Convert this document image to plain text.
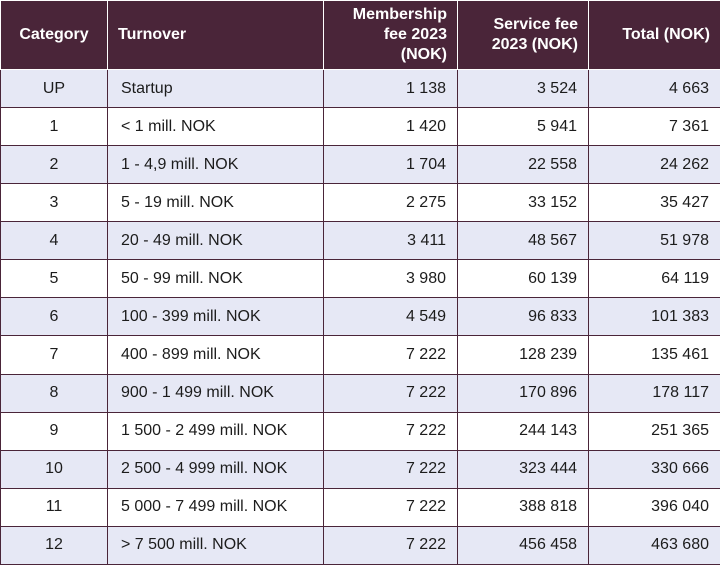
Category	Turnover	Membership fee 2023 (NOK)	Service fee 2023 (NOK)	Total (NOK)
UP	Startup	1 138	3 524	4 663
1	< 1 mill. NOK	1 420	5 941	7 361
2	1 - 4,9 mill. NOK	1 704	22 558	24 262
3	5 - 19 mill. NOK	2 275	33 152	35 427
4	20 - 49 mill. NOK	3 411	48 567	51 978
5	50 - 99 mill. NOK	3 980	60 139	64 119
6	100 - 399 mill. NOK	4 549	96 833	101 383
7	400 - 899 mill. NOK	7 222	128 239	135 461
8	900 - 1 499 mill. NOK	7 222	170 896	178 117
9	1 500 - 2 499 mill. NOK	7 222	244 143	251 365
10	2 500 - 4 999 mill. NOK	7 222	323 444	330 666
11	5 000 - 7 499 mill. NOK	7 222	388 818	396 040
12	> 7 500 mill. NOK	7 222	456 458	463 680
